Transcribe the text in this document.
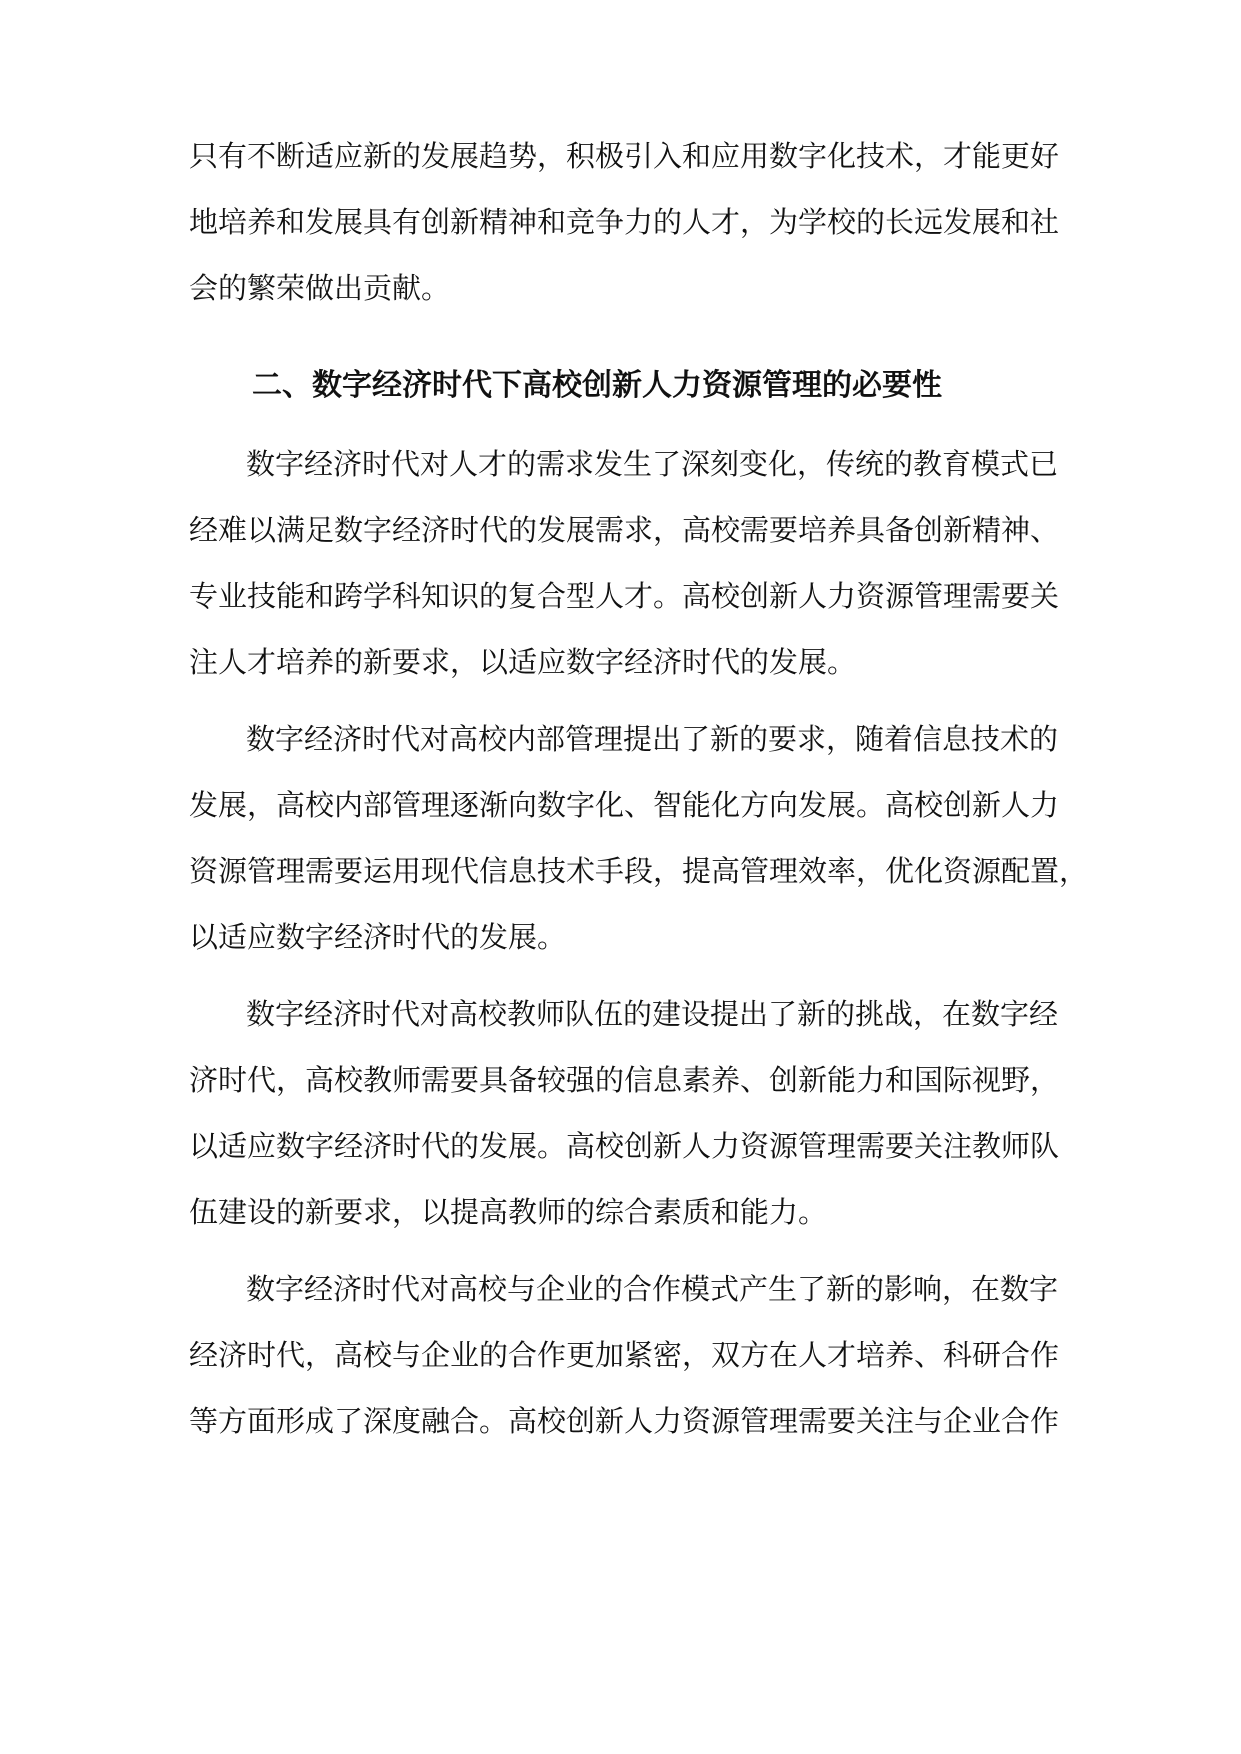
只有不断适应新的发展趋势，积极引入和应用数字化技术，才能更好
地培养和发展具有创新精神和竞争力的人才，为学校的长远发展和社
会的繁荣做出贡献。
二、数字经济时代下高校创新人力资源管理的必要性
数字经济时代对人才的需求发生了深刻变化，传统的教育模式已
经难以满足数字经济时代的发展需求，高校需要培养具备创新精神、
专业技能和跨学科知识的复合型人才。高校创新人力资源管理需要关
注人才培养的新要求，以适应数字经济时代的发展。
数字经济时代对高校内部管理提出了新的要求，随着信息技术的
发展，高校内部管理逐渐向数字化、智能化方向发展。高校创新人力
资源管理需要运用现代信息技术手段，提高管理效率，优化资源配置，
以适应数字经济时代的发展。
数字经济时代对高校教师队伍的建设提出了新的挑战，在数字经
济时代，高校教师需要具备较强的信息素养、创新能力和国际视野，
以适应数字经济时代的发展。高校创新人力资源管理需要关注教师队
伍建设的新要求，以提高教师的综合素质和能力。
数字经济时代对高校与企业的合作模式产生了新的影响，在数字
经济时代，高校与企业的合作更加紧密，双方在人才培养、科研合作
等方面形成了深度融合。高校创新人力资源管理需要关注与企业合作
